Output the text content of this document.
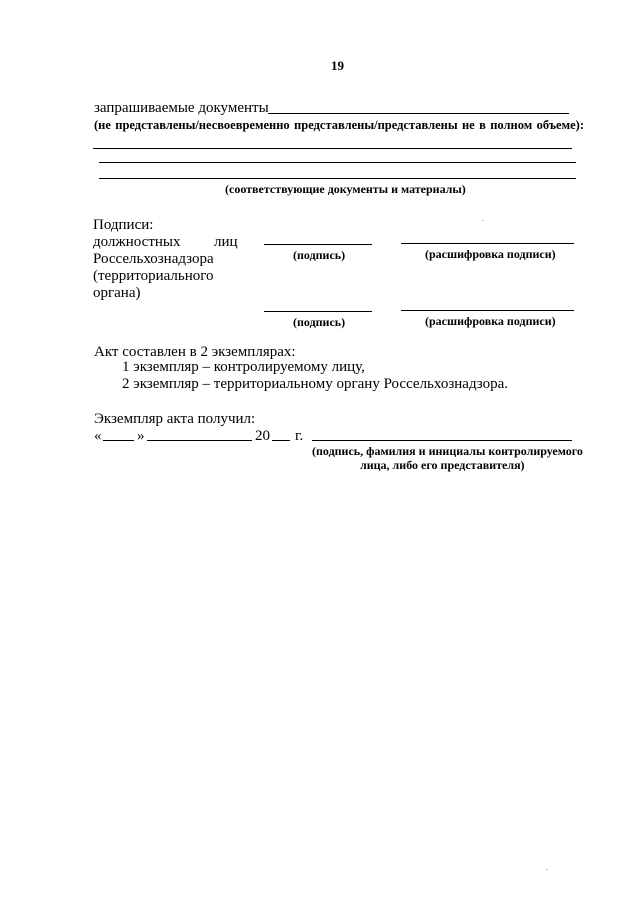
19
запрашиваемые документы
(не представлены/несвоевременно представлены/представлены не в полном объеме):
(соответствующие документы и материалы)
Подписи:
должностных лиц
Россельхознадзора
(территориального
органа)
(подпись)	(расшифровка подписи)
(подпись)	(расшифровка подписи)
Акт составлен в 2 экземплярах:
1 экземпляр – контролируемому лицу,
2 экземпляр – территориальному органу Россельхознадзора.
Экземпляр акта получил:
« »	20 г.
(подпись, фамилия и инициалы контролируемого
лица, либо его представителя)
